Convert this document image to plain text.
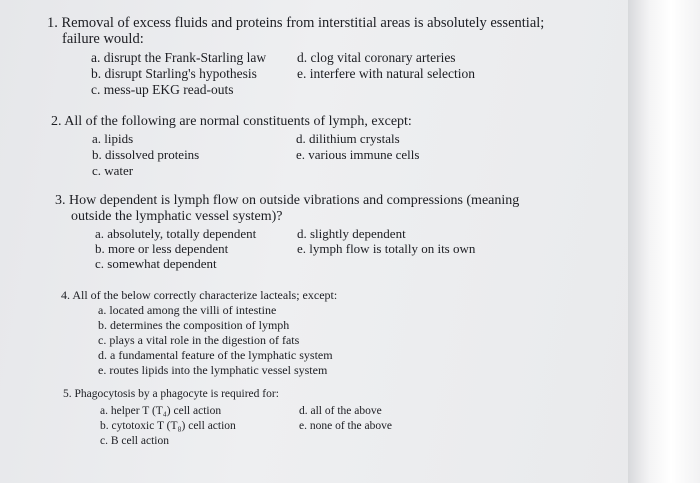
1. Removal of excess fluids and proteins from interstitial areas is absolutely essential;
failure would:
a. disrupt the Frank-Starling law
b. disrupt Starling's hypothesis
c. mess-up EKG read-outs
d. clog vital coronary arteries
e. interfere with natural selection
2. All of the following are normal constituents of lymph, except:
a. lipids
b. dissolved proteins
c. water
d. dilithium crystals
e. various immune cells
3. How dependent is lymph flow on outside vibrations and compressions (meaning
outside the lymphatic vessel system)?
a. absolutely, totally dependent
b. more or less dependent
c. somewhat dependent
d. slightly dependent
e. lymph flow is totally on its own
4. All of the below correctly characterize lacteals; except:
a. located among the villi of intestine
b. determines the composition of lymph
c. plays a vital role in the digestion of fats
d. a fundamental feature of the lymphatic system
e. routes lipids into the lymphatic vessel system
5. Phagocytosis by a phagocyte is required for:
a. helper T (T₄) cell action
b. cytotoxic T (T₈) cell action
c. B cell action
d. all of the above
e. none of the above
